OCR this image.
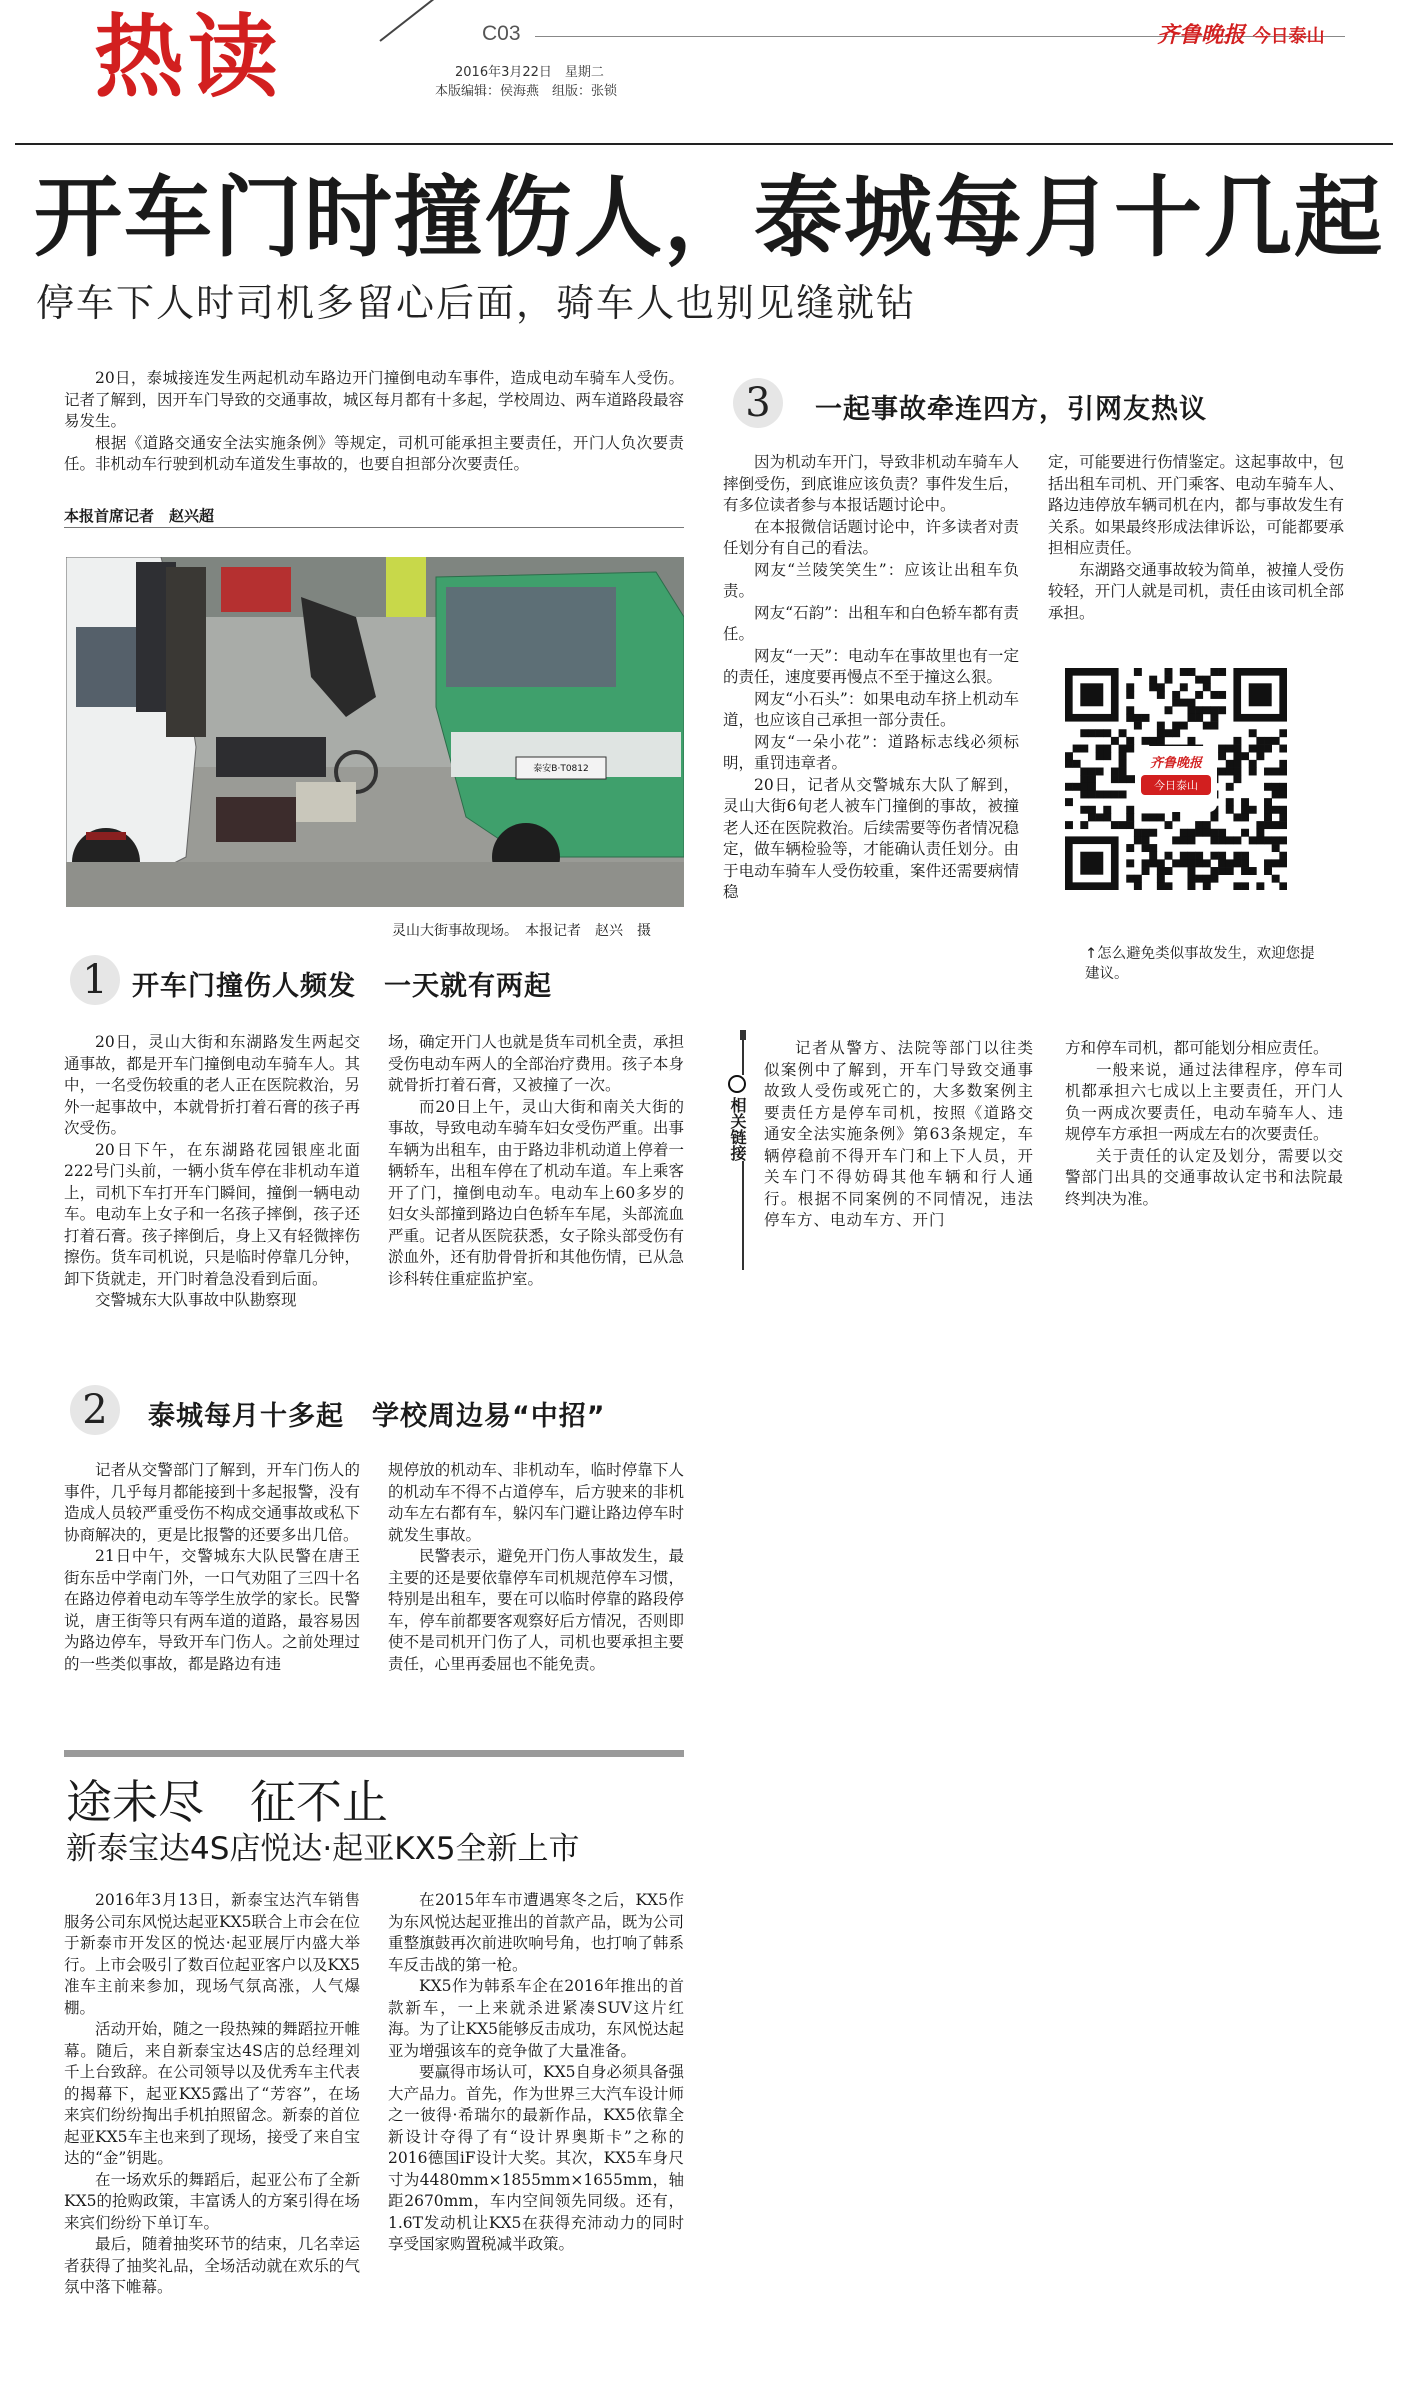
热读	C03
2016年3月22日　星期二
本版编辑：侯海燕　组版：张锁
齐鲁晚报 今日泰山
开车门时撞伤人，泰城每月十几起
停车下人时司机多留心后面，骑车人也别见缝就钻

20日，泰城接连发生两起机动车路边开门撞倒电动车事件，造成电动车骑车人受伤。记者了解到，因开车门导致的交通事故，城区每月都有十多起，学校周边、两车道路段最容易发生。

根据《道路交通安全法实施条例》等规定，司机可能承担主要责任，开门人负次要责任。非机动车行驶到机动车道发生事故的，也要自担部分次要责任。

本报首席记者　赵兴超
泰安B·T0812
灵山大街事故现场。　本报记者　赵兴　摄
1 开车门撞伤人频发　一天就有两起

20日，灵山大街和东湖路发生两起交通事故，都是开车门撞倒电动车骑车人。其中，一名受伤较重的老人正在医院救治，另外一起事故中，本就骨折打着石膏的孩子再次受伤。

20日下午，在东湖路花园银座北面222号门头前，一辆小货车停在非机动车道上，司机下车打开车门瞬间，撞倒一辆电动车。电动车上女子和一名孩子摔倒，孩子还打着石膏。孩子摔倒后，身上又有轻微摔伤擦伤。货车司机说，只是临时停靠几分钟，卸下货就走，开门时着急没看到后面。

交警城东大队事故中队勘察现

场，确定开门人也就是货车司机全责，承担受伤电动车两人的全部治疗费用。孩子本身就骨折打着石膏，又被撞了一次。

而20日上午，灵山大街和南关大街的事故，导致电动车骑车妇女受伤严重。出事车辆为出租车，由于路边非机动道上停着一辆轿车，出租车停在了机动车道。车上乘客开了门，撞倒电动车。电动车上60多岁的妇女头部撞到路边白色轿车车尾，头部流血严重。记者从医院获悉，女子除头部受伤有淤血外，还有肋骨骨折和其他伤情，已从急诊科转住重症监护室。

2	泰城每月十多起　学校周边易“中招”

记者从交警部门了解到，开车门伤人的事件，几乎每月都能接到十多起报警，没有造成人员较严重受伤不构成交通事故或私下协商解决的，更是比报警的还要多出几倍。

21日中午，交警城东大队民警在唐王街东岳中学南门外，一口气劝阻了三四十名在路边停着电动车等学生放学的家长。民警说，唐王街等只有两车道的道路，最容易因为路边停车，导致开车门伤人。之前处理过的一些类似事故，都是路边有违

规停放的机动车、非机动车，临时停靠下人的机动车不得不占道停车，后方驶来的非机动车左右都有车，躲闪车门避让路边停车时就发生事故。

民警表示，避免开门伤人事故发生，最主要的还是要依靠停车司机规范停车习惯，特别是出租车，要在可以临时停靠的路段停车，停车前都要客观察好后方情况，否则即使不是司机开门伤了人，司机也要承担主要责任，心里再委屈也不能免责。

3	一起事故牵连四方，引网友热议

因为机动车开门，导致非机动车骑车人摔倒受伤，到底谁应该负责？事件发生后，有多位读者参与本报话题讨论中。

在本报微信话题讨论中，许多读者对责任划分有自己的看法。

网友“兰陵笑笑生”：应该让出租车负责。

网友“石韵”：出租车和白色轿车都有责任。

网友“一天”：电动车在事故里也有一定的责任，速度要再慢点不至于撞这么狠。

网友“小石头”：如果电动车挤上机动车道，也应该自己承担一部分责任。

网友“一朵小花”：道路标志线必须标明，重罚违章者。

20日，记者从交警城东大队了解到，灵山大街6旬老人被车门撞倒的事故，被撞老人还在医院救治。后续需要等伤者情况稳定，做车辆检验等，才能确认责任划分。由于电动车骑车人受伤较重，案件还需要病情稳

定，可能要进行伤情鉴定。这起事故中，包括出租车司机、开门乘客、电动车骑车人、路边违停放车辆司机在内，都与事故发生有关系。如果最终形成法律诉讼，可能都要承担相应责任。

东湖路交通事故较为简单，被撞人受伤较轻，开门人就是司机，责任由该司机全部承担。

齐鲁晚报
今日泰山
↑怎么避免类似事故发生，欢迎您提建议。
相关链接

记者从警方、法院等部门以往类似案例中了解到，开车门导致交通事故致人受伤或死亡的，大多数案例主要责任方是停车司机，按照《道路交通安全法实施条例》第63条规定，车辆停稳前不得开车门和上下人员，开关车门不得妨碍其他车辆和行人通行。根据不同案例的不同情况，违法停车方、电动车方、开门

方和停车司机，都可能划分相应责任。

一般来说，通过法律程序，停车司机都承担六七成以上主要责任，开门人负一两成次要责任，电动车骑车人、违规停车方承担一两成左右的次要责任。

关于责任的认定及划分，需要以交警部门出具的交通事故认定书和法院最终判决为准。

途未尽　征不止
新泰宝达4S店悦达·起亚KX5全新上市

2016年3月13日，新泰宝达汽车销售服务公司东风悦达起亚KX5联合上市会在位于新泰市开发区的悦达·起亚展厅内盛大举行。上市会吸引了数百位起亚客户以及KX5准车主前来参加，现场气氛高涨，人气爆棚。

活动开始，随之一段热辣的舞蹈拉开帷幕。随后，来自新泰宝达4S店的总经理刘千上台致辞。在公司领导以及优秀车主代表的揭幕下，起亚KX5露出了“芳容”，在场来宾们纷纷掏出手机拍照留念。新泰的首位起亚KX5车主也来到了现场，接受了来自宝达的“金”钥匙。

在一场欢乐的舞蹈后，起亚公布了全新KX5的抢购政策，丰富诱人的方案引得在场来宾们纷纷下单订车。

最后，随着抽奖环节的结束，几名幸运者获得了抽奖礼品，全场活动就在欢乐的气氛中落下帷幕。

在2015年车市遭遇寒冬之后，KX5作为东风悦达起亚推出的首款产品，既为公司重整旗鼓再次前进吹响号角，也打响了韩系车反击战的第一枪。

KX5作为韩系车企在2016年推出的首款新车，一上来就杀进紧凑SUV这片红海。为了让KX5能够反击成功，东风悦达起亚为增强该车的竞争做了大量准备。

要赢得市场认可，KX5自身必须具备强大产品力。首先，作为世界三大汽车设计师之一彼得·希瑞尔的最新作品，KX5依靠全新设计夺得了有“设计界奥斯卡”之称的2016德国iF设计大奖。其次，KX5车身尺寸为4480mm×1855mm×1655mm，轴距2670mm，车内空间领先同级。还有，1.6T发动机让KX5在获得充沛动力的同时享受国家购置税减半政策。
